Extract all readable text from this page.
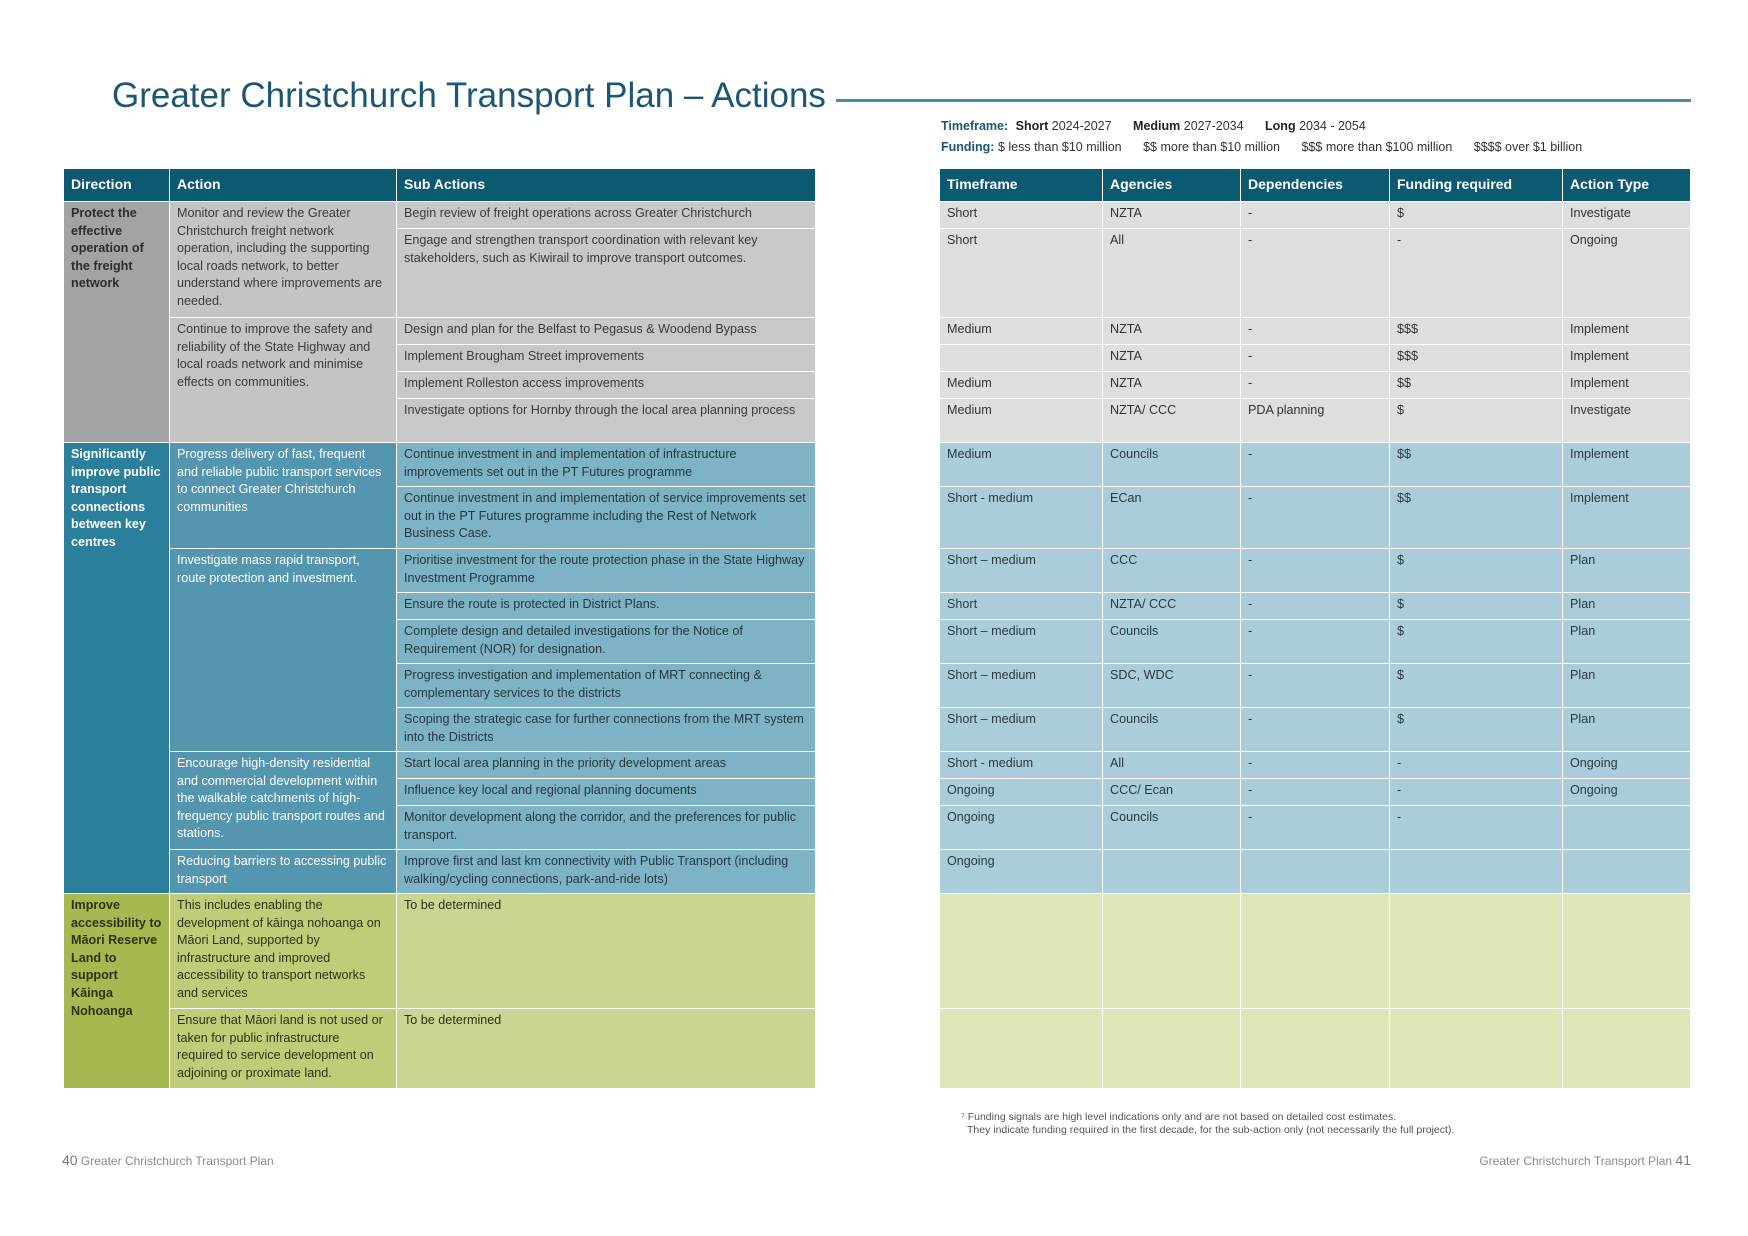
Greater Christchurch Transport Plan – Actions
Timeframe: Short 2024-2027 Medium 2027-2034 Long 2034 - 2054
Funding: $ less than $10 million $$ more than $10 million $$$ more than $100 million $$$$ over $1 billion
Direction	Action	Sub Actions
Protect the effective operation of the freight network	Monitor and review the Greater Christchurch freight network operation, including the supporting local roads network, to better understand where improvements are needed.	Begin review of freight operations across Greater Christchurch
		Engage and strengthen transport coordination with relevant key stakeholders, such as Kiwirail to improve transport outcomes.
	Continue to improve the safety and reliability of the State Highway and local roads network and minimise effects on communities.	Design and plan for the Belfast to Pegasus & Woodend Bypass
		Implement Brougham Street improvements
		Implement Rolleston access improvements
		Investigate options for Hornby through the local area planning process
Significantly improve public transport connections between key centres	Progress delivery of fast, frequent and reliable public transport services to connect Greater Christchurch communities	Continue investment in and implementation of infrastructure improvements set out in the PT Futures programme
		Continue investment in and implementation of service improvements set out in the PT Futures programme including the Rest of Network Business Case.
	Investigate mass rapid transport, route protection and investment.	Prioritise investment for the route protection phase in the State Highway Investment Programme
		Ensure the route is protected in District Plans.
		Complete design and detailed investigations for the Notice of Requirement (NOR) for designation.
		Progress investigation and implementation of MRT connecting & complementary services to the districts
		Scoping the strategic case for further connections from the MRT system into the Districts
	Encourage high-density residential and commercial development within the walkable catchments of high-frequency public transport routes and stations.	Start local area planning in the priority development areas
		Influence key local and regional planning documents
		Monitor development along the corridor, and the preferences for public transport.
	Reducing barriers to accessing public transport	Improve first and last km connectivity with Public Transport (including walking/cycling connections, park-and-ride lots)
Improve accessibility to Māori Reserve Land to support Kāinga Nohoanga	This includes enabling the development of kāinga nohoanga on Māori Land, supported by infrastructure and improved accessibility to transport networks and services	To be determined
	Ensure that Māori land is not used or taken for public infrastructure required to service development on adjoining or proximate land.	To be determined
Timeframe	Agencies	Dependencies	Funding required	Action Type
Short	NZTA	-	$	Investigate
Short	All	-	-	Ongoing
Medium	NZTA	-	$$$	Implement
	NZTA	-	$$$	Implement
Medium	NZTA	-	$$	Implement
Medium	NZTA/ CCC	PDA planning	$	Investigate
Medium	Councils	-	$$	Implement
Short - medium	ECan	-	$$	Implement
Short – medium	CCC	-	$	Plan
Short	NZTA/ CCC	-	$	Plan
Short – medium	Councils	-	$	Plan
Short – medium	SDC, WDC	-	$	Plan
Short – medium	Councils	-	$	Plan
Short - medium	All	-	-	Ongoing
Ongoing	CCC/ Ecan	-	-	Ongoing
Ongoing	Councils	-	-	
Ongoing				

⁷ Funding signals are high level indications only and are not based on detailed cost estimates.
They indicate funding required in the first decade, for the sub-action only (not necessarily the full project).
40 Greater Christchurch Transport Plan	Greater Christchurch Transport Plan 41
